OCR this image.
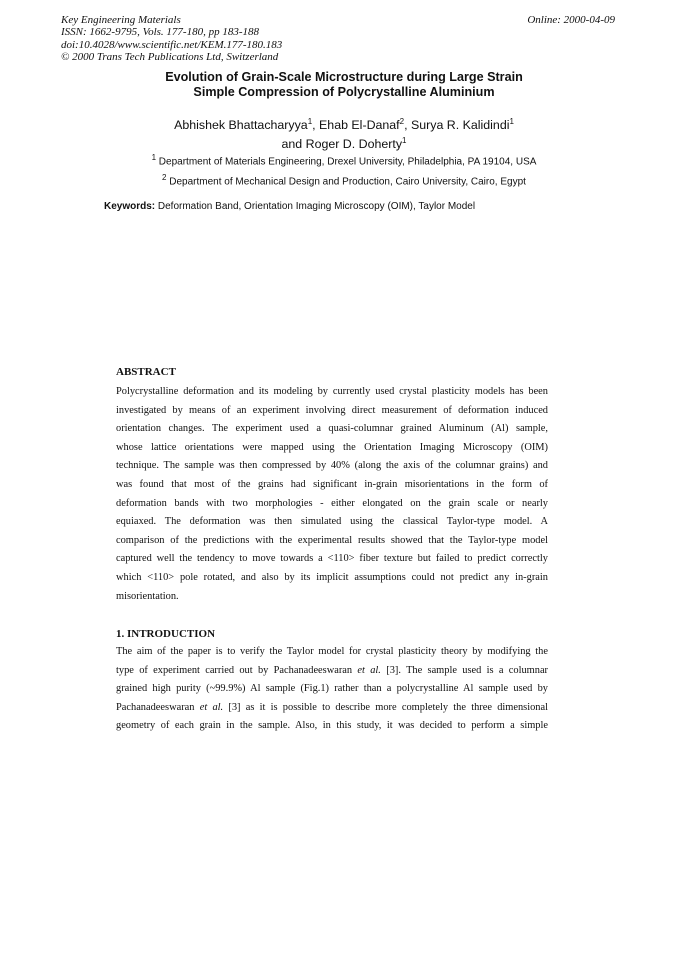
Key Engineering Materials
ISSN: 1662-9795, Vols. 177-180, pp 183-188
doi:10.4028/www.scientific.net/KEM.177-180.183
© 2000 Trans Tech Publications Ltd, Switzerland
Online: 2000-04-09
Evolution of Grain-Scale Microstructure during Large Strain
Simple Compression of Polycrystalline Aluminium
Abhishek Bhattacharyya$^1$, Ehab El-Danaf$^2$, Surya R. Kalidindi$^1$
and Roger D. Doherty$^1$
$^1$ Department of Materials Engineering, Drexel University, Philadelphia, PA 19104, USA
$^2$ Department of Mechanical Design and Production, Cairo University, Cairo, Egypt
Keywords: Deformation Band, Orientation Imaging Microscopy (OIM), Taylor Model
ABSTRACT
Polycrystalline deformation and its modeling by currently used crystal plasticity models has been
investigated by means of an experiment involving direct measurement of deformation induced
orientation changes. The experiment used a quasi-columnar grained Aluminum (Al) sample,
whose lattice orientations were mapped using the Orientation Imaging Microscopy (OIM)
technique. The sample was then compressed by 40% (along the axis of the columnar grains) and
was found that most of the grains had significant in-grain misorientations in the form of
deformation bands with two morphologies - either elongated on the grain scale or nearly
equiaxed. The deformation was then simulated using the classical Taylor-type model. A
comparison of the predictions with the experimental results showed that the Taylor-type model
captured well the tendency to move towards a <110> fiber texture but failed to predict correctly
which <110> pole rotated, and also by its implicit assumptions could not predict any in-grain
misorientation.
1. INTRODUCTION
The aim of the paper is to verify the Taylor model for crystal plasticity theory by modifying the
type of experiment carried out by Pachanadeeswaran et al. [3]. The sample used is a columnar
grained high purity (~99.9%) Al sample (Fig.1) rather than a polycrystalline Al sample used by
Pachanadeeswaran et al. [3] as it is possible to describe more completely the three dimensional
geometry of each grain in the sample. Also, in this study, it was decided to perform a simple
